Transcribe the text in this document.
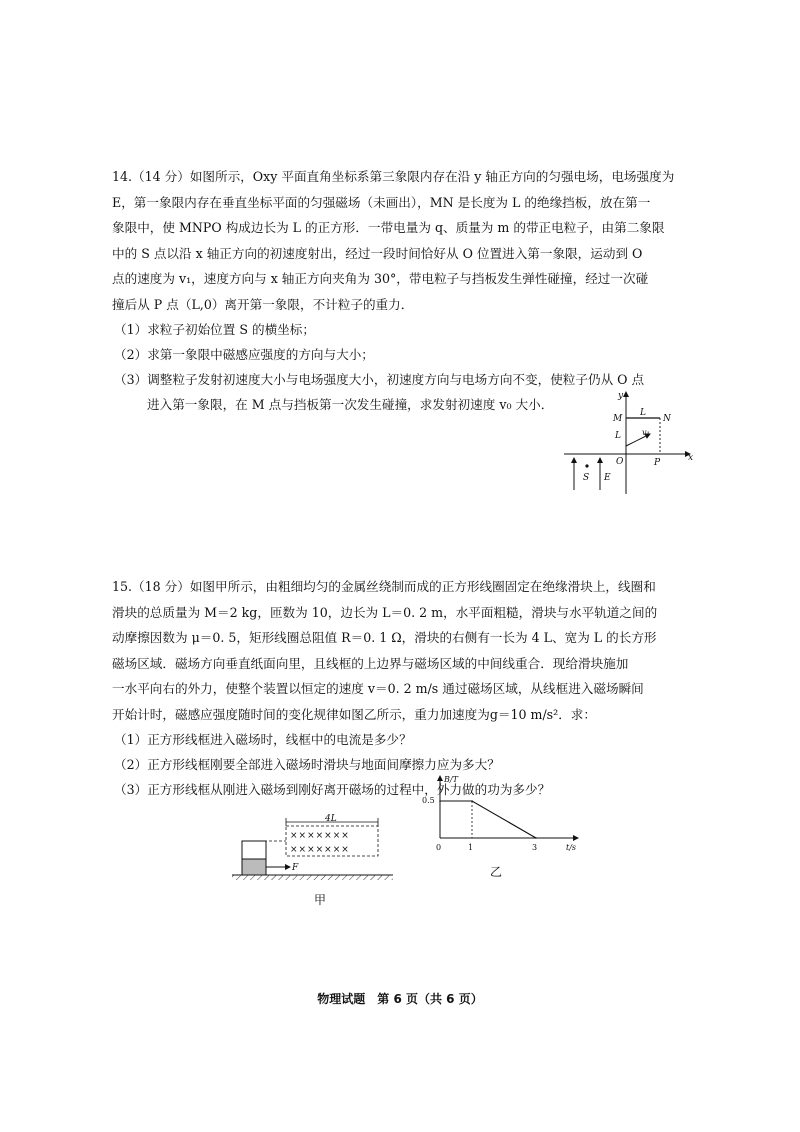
14.（14 分）如图所示，Oxy 平面直角坐标系第三象限内存在沿 y 轴正方向的匀强电场，电场强度为
E，第一象限内存在垂直坐标平面的匀强磁场（未画出），MN 是长度为 L 的绝缘挡板，放在第一
象限中，使 MNPO 构成边长为 L 的正方形．一带电量为 q、质量为 m 的带正电粒子，由第二象限
中的 S 点以沿 x 轴正方向的初速度射出，经过一段时间恰好从 O 位置进入第一象限，运动到 O
点的速度为 v₁，速度方向与 x 轴正方向夹角为 30°，带电粒子与挡板发生弹性碰撞，经过一次碰
撞后从 P 点（L,0）离开第一象限，不计粒子的重力．
（1）求粒子初始位置 S 的横坐标；
（2）求第一象限中磁感应强度的方向与大小；
（3）调整粒子发射初速度大小与电场强度大小，初速度方向与电场方向不变，使粒子仍从 O 点
进入第一象限，在 M 点与挡板第一次发生碰撞，求发射初速度 v₀ 大小．
y
x
M	N
L
L	v₁
O	P
S E
15.（18 分）如图甲所示，由粗细均匀的金属丝绕制而成的正方形线圈固定在绝缘滑块上，线圈和
滑块的总质量为 M＝2 kg，匝数为 10，边长为 L＝0. 2 m，水平面粗糙，滑块与水平轨道之间的
动摩擦因数为 μ＝0. 5，矩形线圈总阻值 R＝0. 1 Ω，滑块的右侧有一长为 4 L、宽为 L 的长方形
磁场区域．磁场方向垂直纸面向里，且线框的上边界与磁场区域的中间线重合．现给滑块施加
一水平向右的外力，使整个装置以恒定的速度 v＝0. 2 m/s 通过磁场区域，从线框进入磁场瞬间
开始计时，磁感应强度随时间的变化规律如图乙所示，重力加速度为g＝10 m/s²．求：
（1）正方形线框进入磁场时，线框中的电流是多少？
（2）正方形线框刚要全部进入磁场时滑块与地面间摩擦力应为多大？
（3）正方形线框从刚进入磁场到刚好离开磁场的过程中，外力做的功为多少？
4L
×××××××
×××××××
F
甲
B/T
t/s
0.5
0	1	3
乙
物理试题　第 6 页（共 6 页）
